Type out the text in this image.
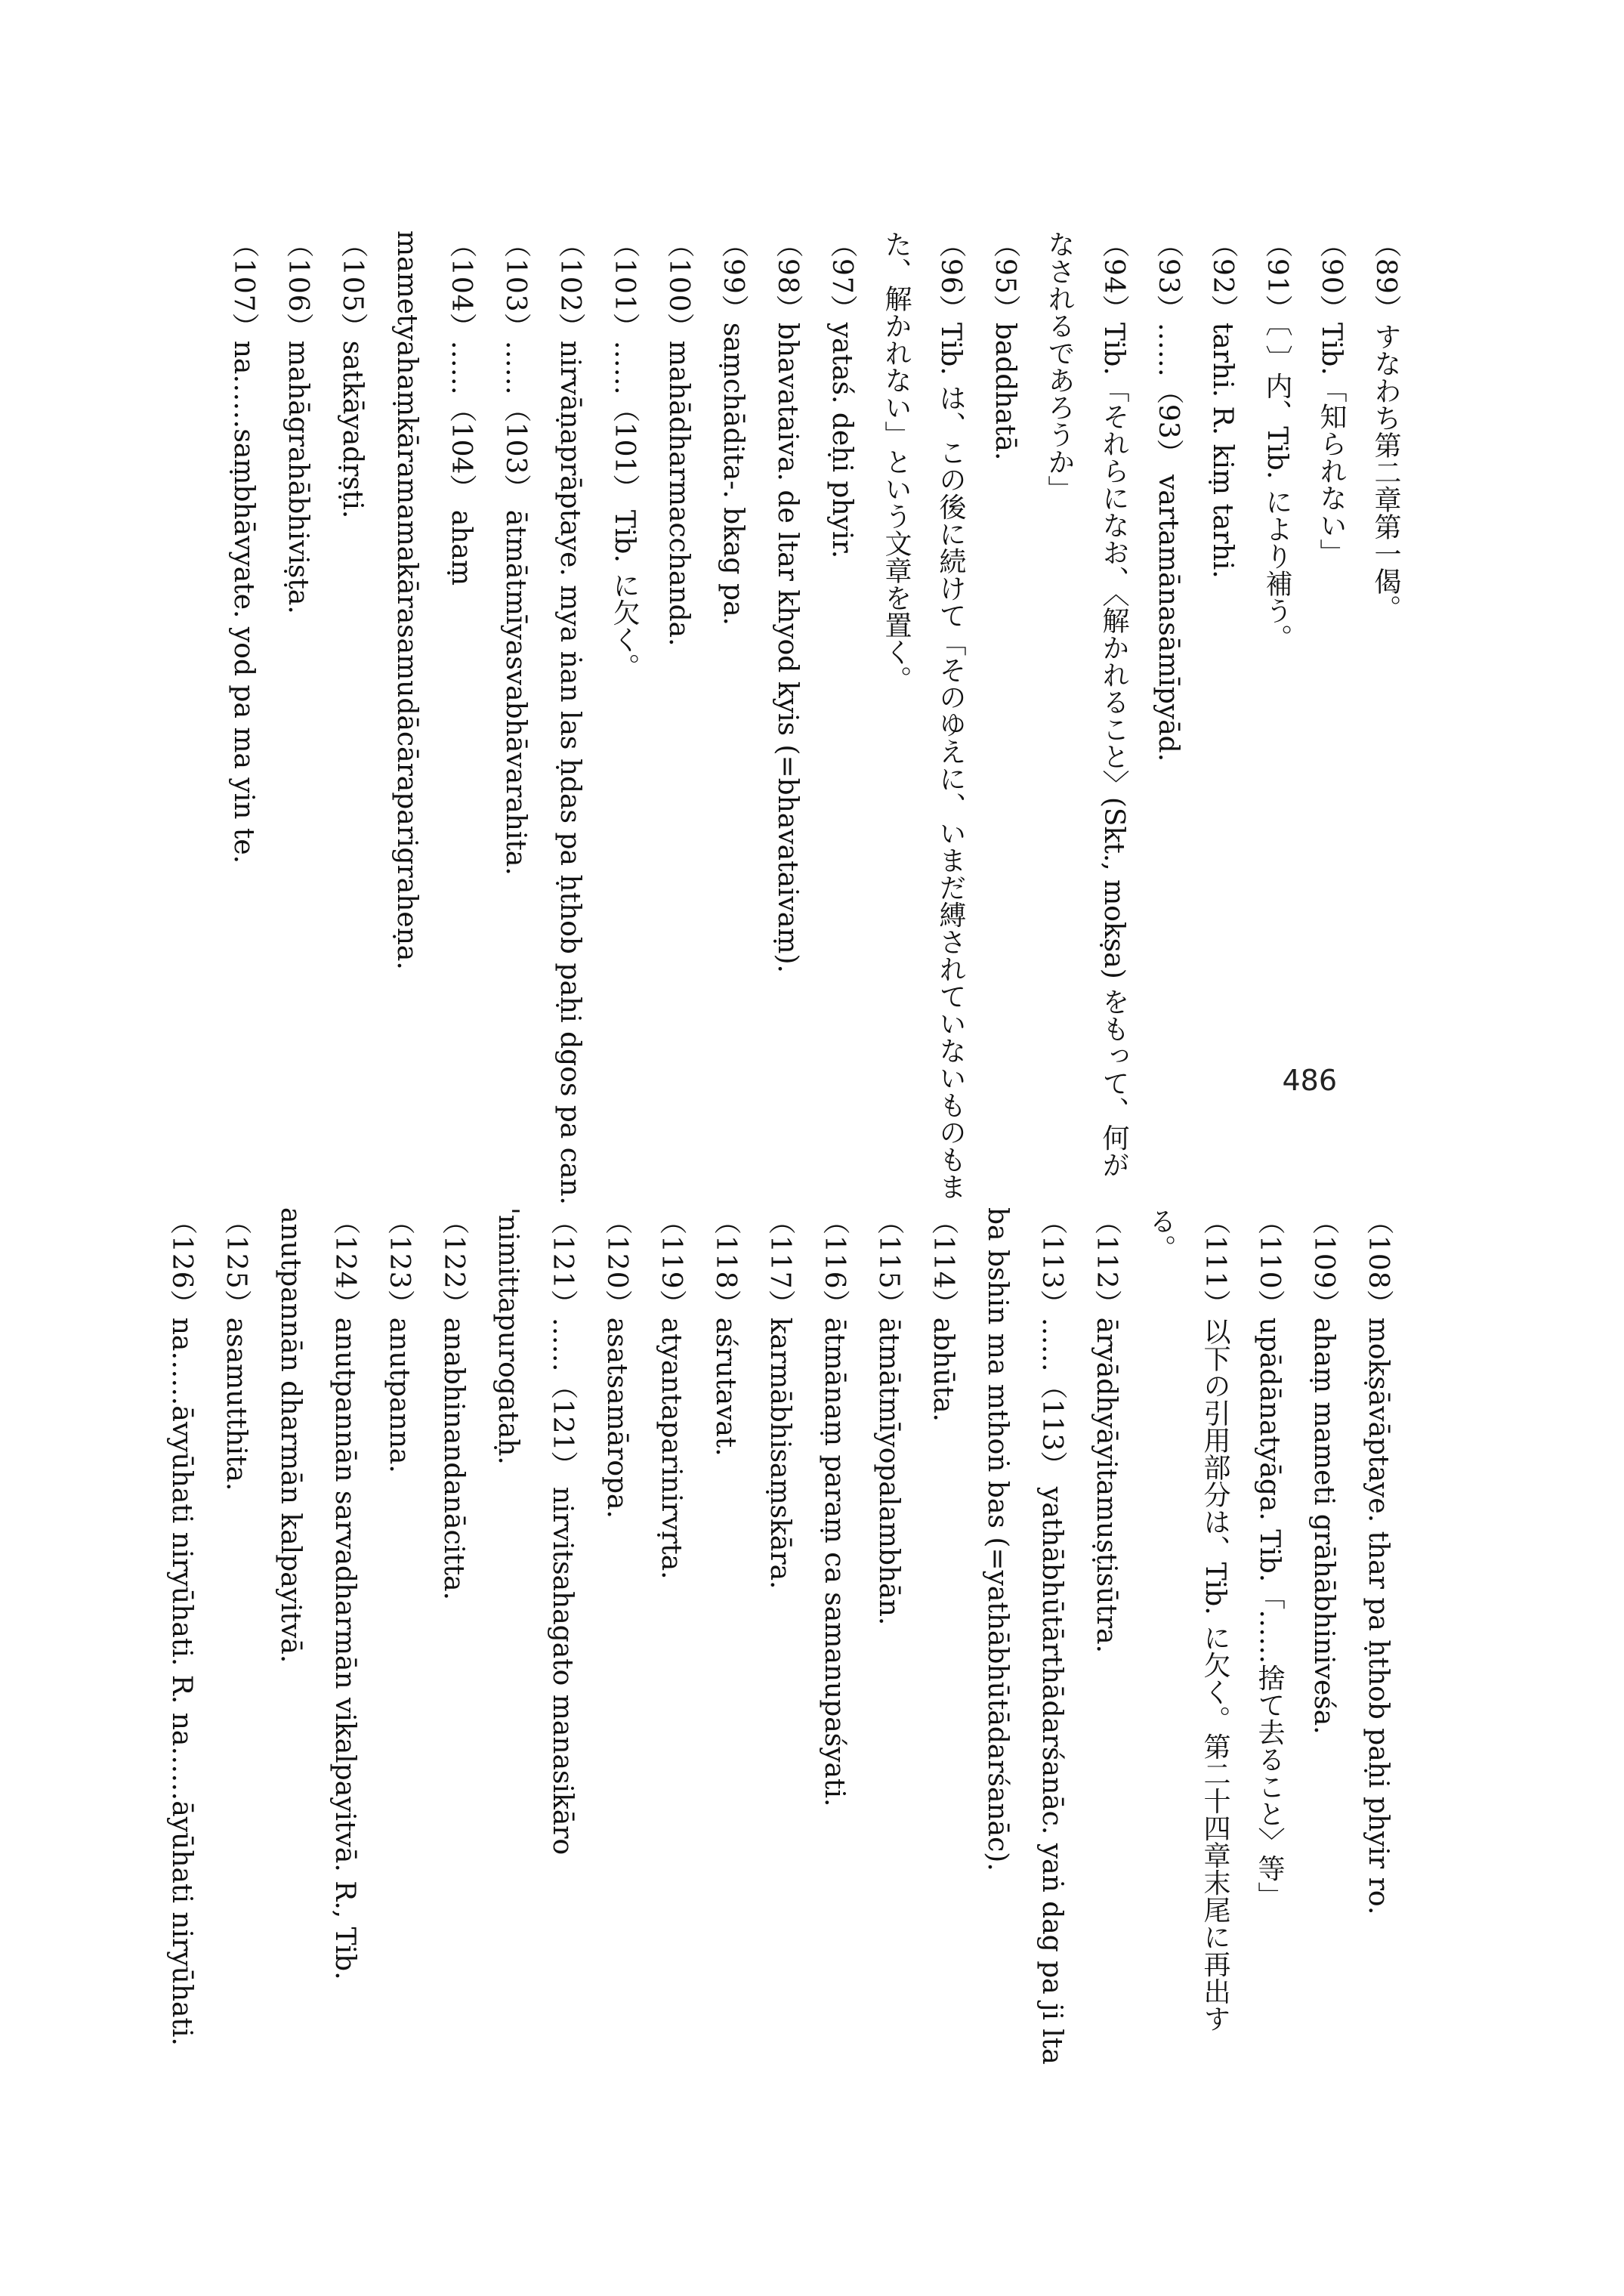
（89）すなわち第二章第一偈。

（90）Tib.「知られない」

（91）〔 〕内、Tib. により補う。

（92）tarhi. R. kiṃ tarhi.

（93）……（93） vartamānasāmīpyād.

（94）Tib.「それらになお、〈解かれること〉(Skt., mokṣa) をもって、何がなされるであろうか」

（95）baddhatā.

（96）Tib. は、この後に続けて「そのゆえに、いまだ縛されていないものもまた、解かれない」という文章を置く。

（97）yataś. deḥi phyir.

（98）bhavataiva. de ltar khyod kyis (=bhavataivaṃ).

（99）saṃchādita-. bkag pa.

（100）mahādharmacchanda.

（101）……（101） Tib. に欠く。

（102）nirvāṇaprāptaye. mya ṅan las ḥdas pa ḥthob paḥi dgos pa can.

（103）……（103） ātmātmīyasvabhāvarahita.

（104）……（104） ahaṃ mametyahaṃkāramamakārasamudācāraparigraheṇa.

（105）satkāyadṛṣṭi.

（106）mahāgrahābhiviṣṭa.

（107）na……saṃbhāvyate. yod pa ma yin te.

（108）mokṣāvāptaye. thar pa ḥthob paḥi phyir ro.

（109）ahaṃ mameti grāhābhiniveśa.

（110）upādānatyāga. Tib.「……捨て去ること〉等」

（111）以下の引用部分は、Tib. に欠く。第二十四章末尾に再出する。

（112）āryādhyāyitamuṣṭisūtra.

（113）……（113） yathābhūtārthādarśanāc. yaṅ dag pa ji lta ba bshin ma mthoṅ bas (=yathābhūtādarśanāc).

（114）abhūta.

（115）ātmātmīyopalambhān.

（116）ātmānaṃ paraṃ ca samanupaśyati.

（117）karmābhisaṃskāra.

（118）aśrutavat.

（119）atyantaparinirvṛta.

（120）asatsamāropa.

（121）……（121） nirvitsahagato manasikāro 'nimittapurogataḥ.

（122）anabhinandanācitta.

（123）anutpanna.

（124）anutpannān sarvadharmān vikalpayitvā. R., Tib. anutpannān dharmān kalpayitvā.

（125）asamutthita.

（126）na……āvyūhati niryūhati. R. na……āyūhati niryūhati.

486
